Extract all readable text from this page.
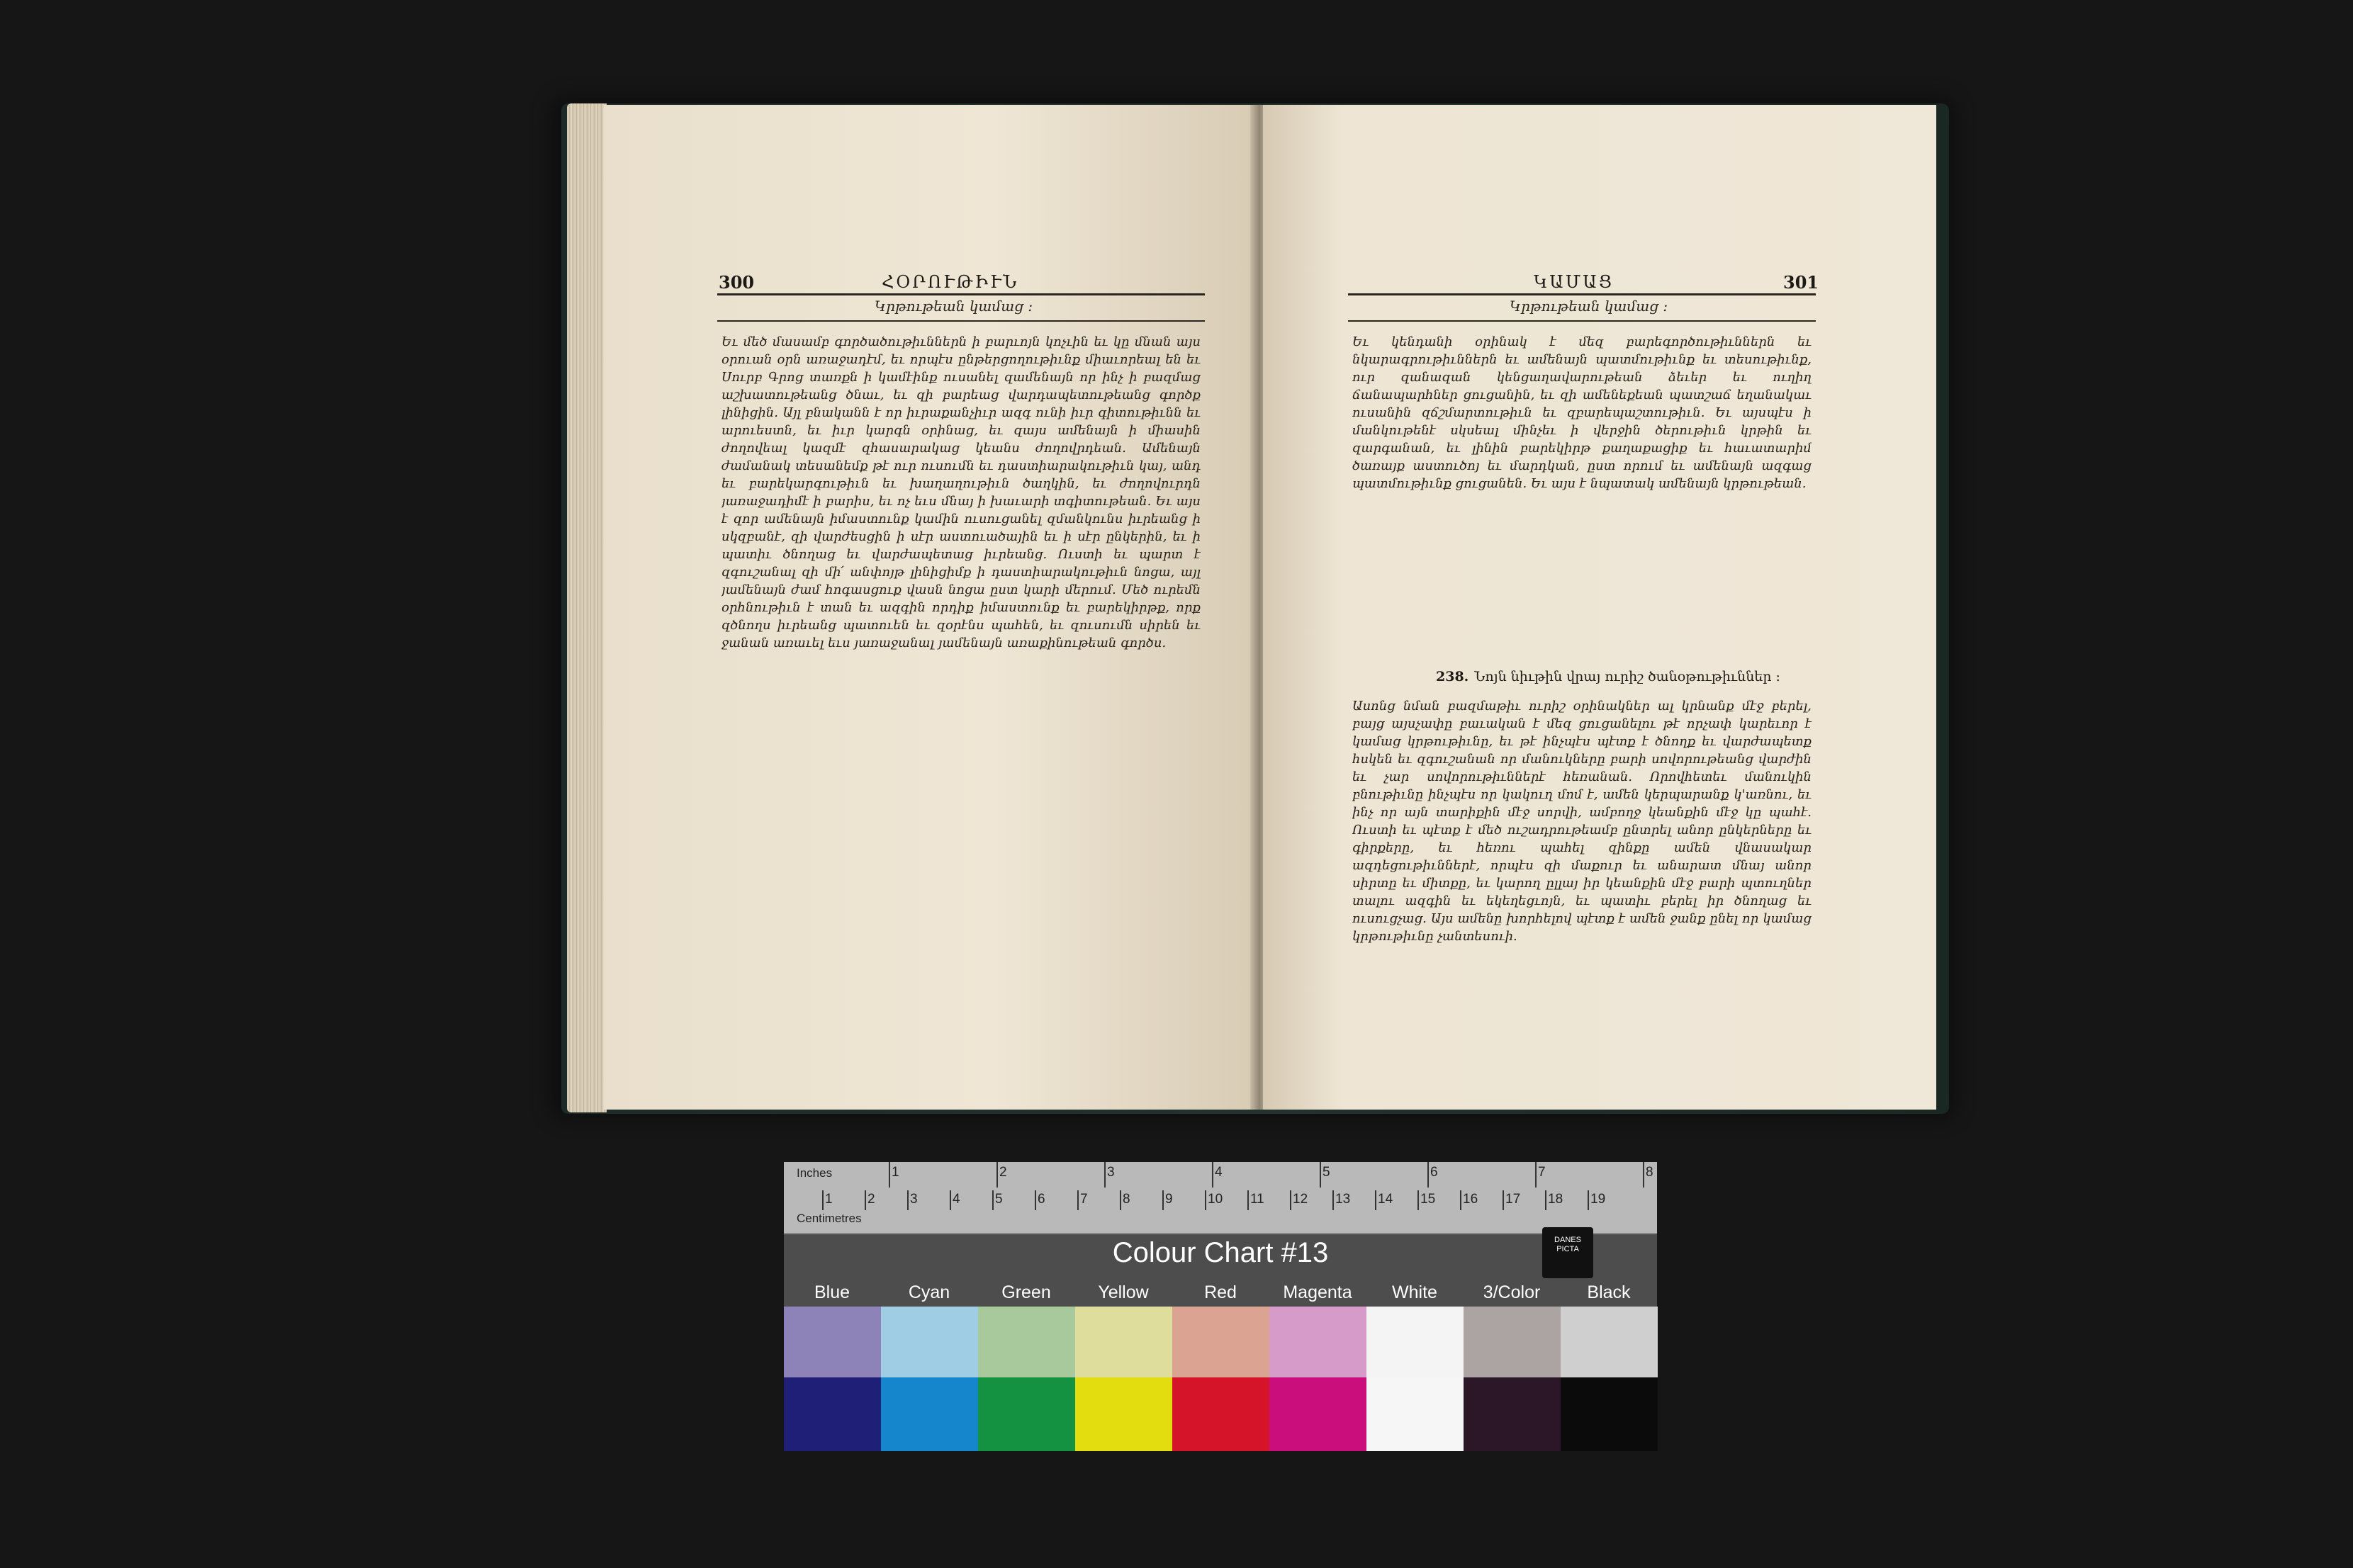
300	ՀՕՐՈՒԹԻՒՆ
Կրթութեան կամաց :
Եւ մեծ մասամբ գործածութիւններն ի բարւոյն կոչւին եւ կը մնան այս օրուան օրն առաջադէմ, եւ որպէս ընթերցողութիւնք միաւորեալ են եւ Սուրբ Գրոց տառքն ի կամէինք ուսանել զամենայն որ ինչ ի բազմաց աշխատութեանց ծնաւ, եւ զի բարեաց վարդապետութեանց գործք լինիցին. Այլ բնականն է որ իւրաքանչիւր ազգ ունի իւր գիտութիւնն եւ արուեստն, եւ իւր կարգն օրինաց, եւ զայս ամենայն ի միասին ժողովեալ կազմէ զհասարակաց կեանս ժողովրդեան. Ամենայն ժամանակ տեսանեմք թէ ուր ուսումն եւ դաստիարակութիւն կայ, անդ եւ բարեկարգութիւն եւ խաղաղութիւն ծաղկին, եւ ժողովուրդն յառաջադիմէ ի բարիս, եւ ոչ եւս մնայ ի խաւարի տգիտութեան. Եւ այս է զոր ամենայն իմաստունք կամին ուսուցանել զմանկունս իւրեանց ի սկզբանէ, զի վարժեսցին ի սէր աստուածային եւ ի սէր ընկերին, եւ ի պատիւ ծնողաց եւ վարժապետաց իւրեանց. Ուստի եւ պարտ է զգուշանալ զի մի՛ անփոյթ լինիցիմք ի դաստիարակութիւն նոցա, այլ յամենայն ժամ հոգասցուք վասն նոցա ըստ կարի մերում. Մեծ ուրեմն օրհնութիւն է տան եւ ազգին որդիք իմաստունք եւ բարեկիրթք, որք զծնողս իւրեանց պատուեն եւ զօրէնս պահեն, եւ զուսումն սիրեն եւ ջանան առաւել եւս յառաջանալ յամենայն առաքինութեան գործս.
ԿԱՄԱՑ	301
Կրթութեան կամաց :
Եւ կենդանի օրինակ է մեզ բարեգործութիւններն եւ նկարագրութիւններն եւ ամենայն պատմութիւնք եւ տեսութիւնք, ուր զանազան կենցաղավարութեան ձեւեր եւ ուղիղ ճանապարհներ ցուցանին, եւ զի ամենեքեան պատշաճ եղանակաւ ուսանին զճշմարտութիւն եւ զբարեպաշտութիւն. Եւ այսպէս ի մանկութենէ սկսեալ մինչեւ ի վերջին ծերութիւն կրթին եւ զարգանան, եւ լինին բարեկիրթ քաղաքացիք եւ հաւատարիմ ծառայք աստուծոյ եւ մարդկան, ըստ որում եւ ամենայն ազգաց պատմութիւնք ցուցանեն. Եւ այս է նպատակ ամենայն կրթութեան.
238. Նոյն նիւթին վրայ ուրիշ ծանօթութիւններ :
Ասոնց նման բազմաթիւ ուրիշ օրինակներ ալ կրնանք մէջ բերել, բայց այսչափը բաւական է մեզ ցուցանելու թէ որչափ կարեւոր է կամաց կրթութիւնը, եւ թէ ինչպէս պէտք է ծնողք եւ վարժապետք հսկեն եւ զգուշանան որ մանուկները բարի սովորութեանց վարժին եւ չար սովորութիւններէ հեռանան. Որովհետեւ մանուկին բնութիւնը ինչպէս որ կակուղ մոմ է, ամեն կերպարանք կ'առնու, եւ ինչ որ այն տարիքին մէջ սորվի, ամբողջ կեանքին մէջ կը պահէ. Ուստի եւ պէտք է մեծ ուշադրութեամբ ընտրել անոր ընկերները եւ գիրքերը, եւ հեռու պահել զինքը ամեն վնասակար ազդեցութիւններէ, որպէս զի մաքուր եւ անարատ մնայ անոր սիրտը եւ միտքը, եւ կարող ըլլայ իր կեանքին մէջ բարի պտուղներ տալու ազգին եւ եկեղեցւոյն, եւ պատիւ բերել իր ծնողաց եւ ուսուցչաց. Այս ամենը խորհելով պէտք է ամեն ջանք ընել որ կամաց կրթութիւնը չանտեսուի.
Inches
Centimetres
1	2	3	4	5	6	7	8
1	2	3	4	5	6	7	8	9	10 11 12 13 14 15 16 17 18 19
Colour Chart #13	DANES PICTA
Blue	Cyan	Green	Yellow	Red	Magenta	White	3/Color	Black
